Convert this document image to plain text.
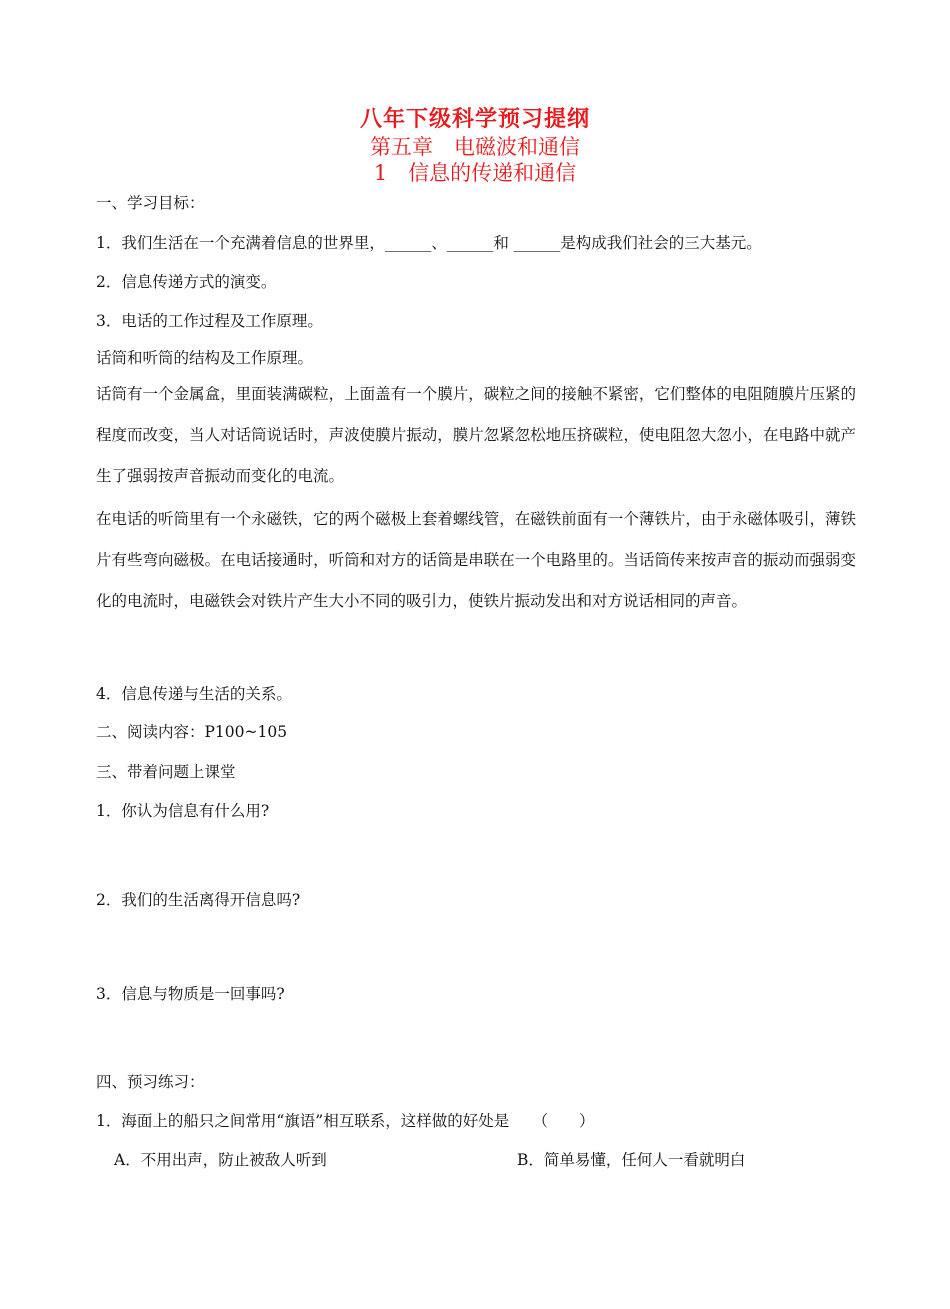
八年下级科学预习提纲
第五章　电磁波和通信
1　信息的传递和通信
一、学习目标：
1．我们生活在一个充满着信息的世界里，______、______和 ______是构成我们社会的三大基元。
2．信息传递方式的演变。
3．电话的工作过程及工作原理。
话筒和听筒的结构及工作原理。
话筒有一个金属盒，里面装满碳粒，上面盖有一个膜片，碳粒之间的接触不紧密，它们整体的电阻随膜片压紧的程度而改变，当人对话筒说话时，声波使膜片振动，膜片忽紧忽松地压挤碳粒，使电阻忽大忽小，在电路中就产生了强弱按声音振动而变化的电流。
在电话的听筒里有一个永磁铁，它的两个磁极上套着螺线管，在磁铁前面有一个薄铁片，由于永磁体吸引，薄铁片有些弯向磁极。在电话接通时，听筒和对方的话筒是串联在一个电路里的。当话筒传来按声音的振动而强弱变化的电流时，电磁铁会对铁片产生大小不同的吸引力，使铁片振动发出和对方说话相同的声音。
4．信息传递与生活的关系。
二、阅读内容：P100~105
三、带着问题上课堂
1．你认为信息有什么用?
2．我们的生活离得开信息吗?
3．信息与物质是一回事吗?
四、预习练习：
1．海面上的船只之间常用“旗语”相互联系，这样做的好处是　　（　　）
A．不用出声，防止被敌人听到	B．简单易懂，任何人一看就明白
